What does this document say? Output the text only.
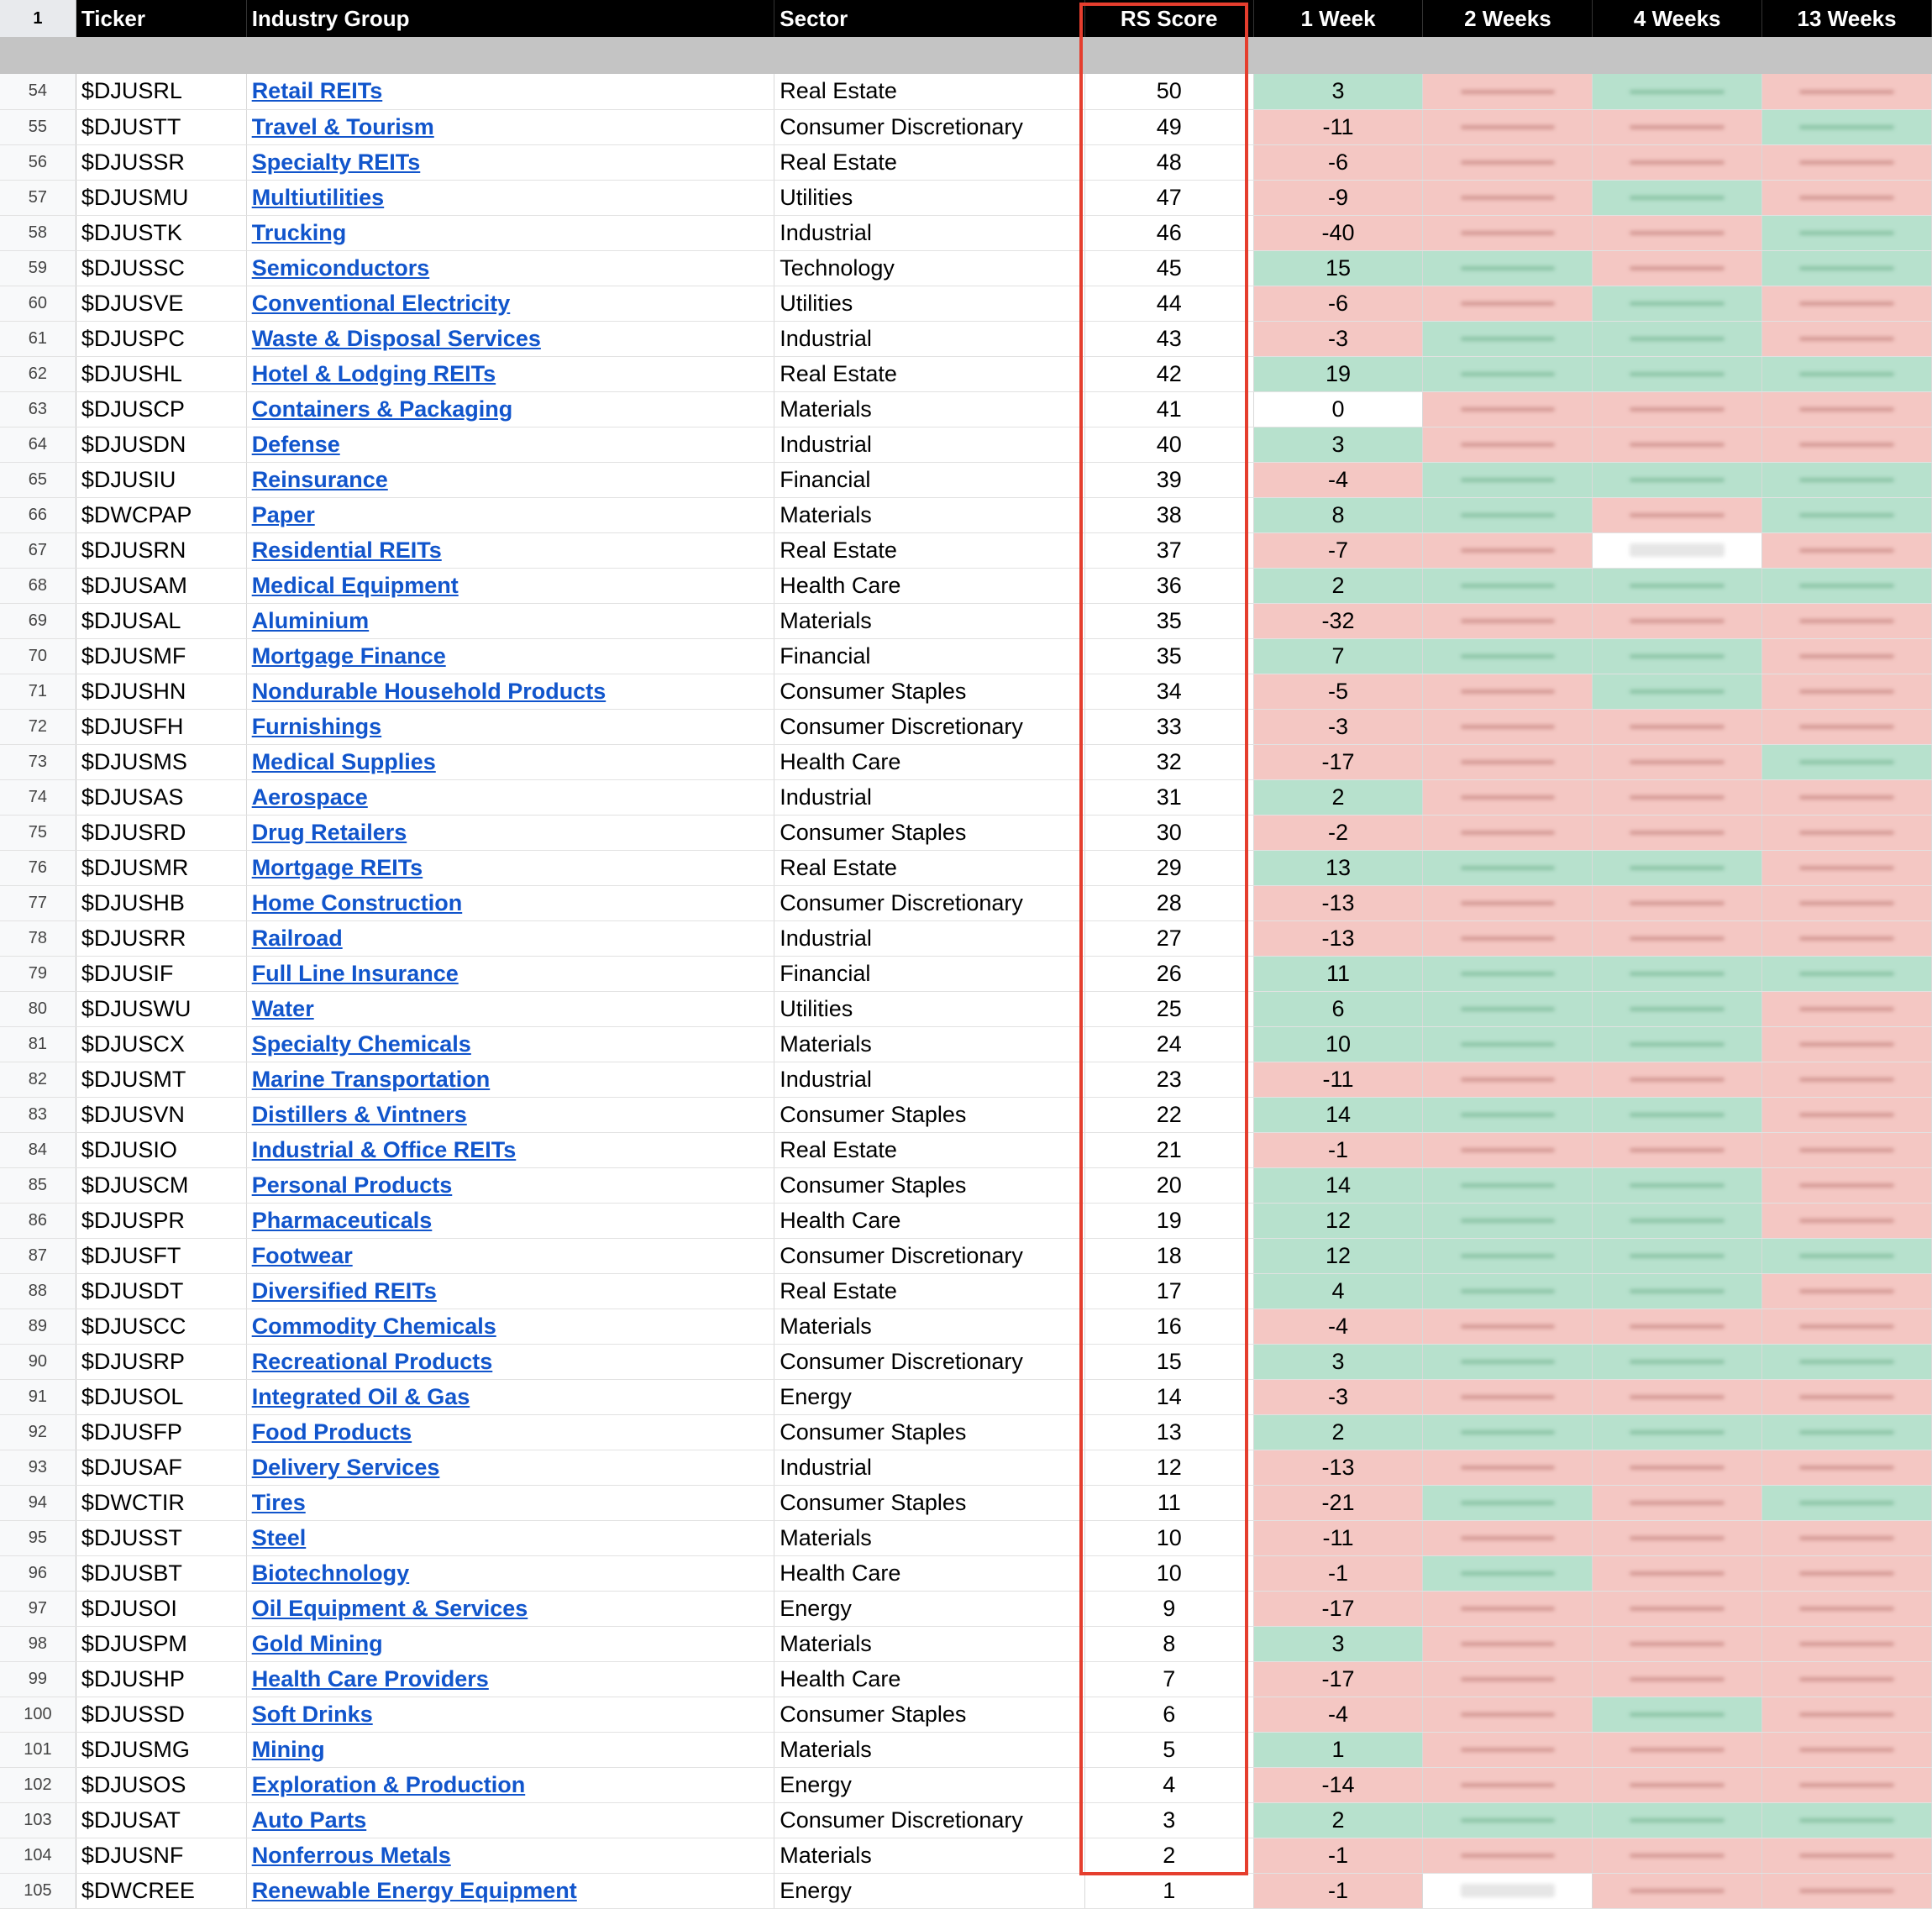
1	Ticker	Industry Group	Sector	RS Score	1 Week	2 Weeks	4 Weeks	13 Weeks

54	$DJUSRL	Retail REITs	Real Estate	50	3	

55	$DJUSTT	Travel & Tourism	Consumer Discretionary	49	-11	

56	$DJUSSR	Specialty REITs	Real Estate	48	-6	

57	$DJUSMU	Multiutilities	Utilities	47	-9	

58	$DJUSTK	Trucking	Industrial	46	-40	

59	$DJUSSC	Semiconductors	Technology	45	15	

60	$DJUSVE	Conventional Electricity	Utilities	44	-6	

61	$DJUSPC	Waste & Disposal Services	Industrial	43	-3	

62	$DJUSHL	Hotel & Lodging REITs	Real Estate	42	19	

63	$DJUSCP	Containers & Packaging	Materials	41	0	

64	$DJUSDN	Defense	Industrial	40	3	

65	$DJUSIU	Reinsurance	Financial	39	-4	

66	$DWCPAP	Paper	Materials	38	8	

67	$DJUSRN	Residential REITs	Real Estate	37	-7	

68	$DJUSAM	Medical Equipment	Health Care	36	2	

69	$DJUSAL	Aluminium	Materials	35	-32	

70	$DJUSMF	Mortgage Finance	Financial	35	7	

71	$DJUSHN	Nondurable Household Products	Consumer Staples	34	-5	

72	$DJUSFH	Furnishings	Consumer Discretionary	33	-3	

73	$DJUSMS	Medical Supplies	Health Care	32	-17	

74	$DJUSAS	Aerospace	Industrial	31	2	

75	$DJUSRD	Drug Retailers	Consumer Staples	30	-2	

76	$DJUSMR	Mortgage REITs	Real Estate	29	13	

77	$DJUSHB	Home Construction	Consumer Discretionary	28	-13	

78	$DJUSRR	Railroad	Industrial	27	-13	

79	$DJUSIF	Full Line Insurance	Financial	26	11	

80	$DJUSWU	Water	Utilities	25	6	

81	$DJUSCX	Specialty Chemicals	Materials	24	10	

82	$DJUSMT	Marine Transportation	Industrial	23	-11	

83	$DJUSVN	Distillers & Vintners	Consumer Staples	22	14	

84	$DJUSIO	Industrial & Office REITs	Real Estate	21	-1	

85	$DJUSCM	Personal Products	Consumer Staples	20	14	

86	$DJUSPR	Pharmaceuticals	Health Care	19	12	

87	$DJUSFT	Footwear	Consumer Discretionary	18	12	

88	$DJUSDT	Diversified REITs	Real Estate	17	4	

89	$DJUSCC	Commodity Chemicals	Materials	16	-4	

90	$DJUSRP	Recreational Products	Consumer Discretionary	15	3	

91	$DJUSOL	Integrated Oil & Gas	Energy	14	-3	

92	$DJUSFP	Food Products	Consumer Staples	13	2	

93	$DJUSAF	Delivery Services	Industrial	12	-13	

94	$DWCTIR	Tires	Consumer Staples	11	-21	

95	$DJUSST	Steel	Materials	10	-11	

96	$DJUSBT	Biotechnology	Health Care	10	-1	

97	$DJUSOI	Oil Equipment & Services	Energy	9	-17	

98	$DJUSPM	Gold Mining	Materials	8	3	

99	$DJUSHP	Health Care Providers	Health Care	7	-17	

100	$DJUSSD	Soft Drinks	Consumer Staples	6	-4	

101	$DJUSMG	Mining	Materials	5	1	

102	$DJUSOS	Exploration & Production	Energy	4	-14	

103	$DJUSAT	Auto Parts	Consumer Discretionary	3	2	

104	$DJUSNF	Nonferrous Metals	Materials	2	-1	

105	$DWCREE	Renewable Energy Equipment	Energy	1	-1	
